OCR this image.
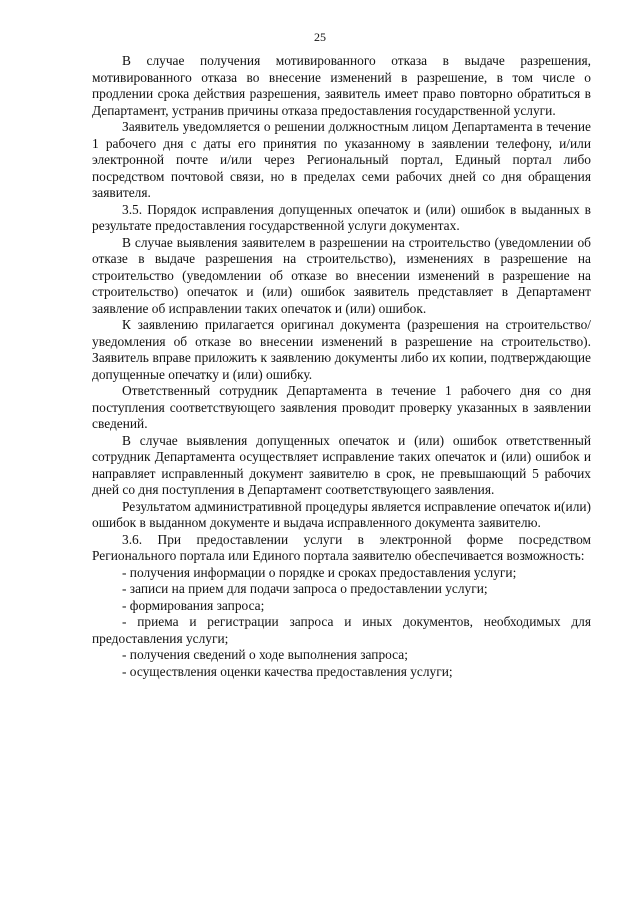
25

В случае получения мотивированного отказа в выдаче разрешения, мотивированного отказа во внесение изменений в разрешение, в том числе о продлении срока действия разрешения, заявитель имеет право повторно обратиться в Департамент, устранив причины отказа предоставления государственной услуги.

Заявитель уведомляется о решении должностным лицом Департамента в течение 1 рабочего дня с даты его принятия по указанному в заявлении телефону, и/или электронной почте и/или через Региональный портал, Единый портал либо посредством почтовой связи, но в пределах семи рабочих дней со дня обращения заявителя.

3.5. Порядок исправления допущенных опечаток и (или) ошибок в выданных в результате предоставления государственной услуги документах.

В случае выявления заявителем в разрешении на строительство (уведомлении об отказе в выдаче разрешения на строительство), изменениях в разрешение на строительство (уведомлении об отказе во внесении изменений в разрешение на строительство) опечаток и (или) ошибок заявитель представляет в Департамент заявление об исправлении таких опечаток и (или) ошибок.

К заявлению прилагается оригинал документа (разрешения на строительство/ уведомления об отказе во внесении изменений в разрешение на строительство). Заявитель вправе приложить к заявлению документы либо их копии, подтверждающие допущенные опечатку и (или) ошибку.

Ответственный сотрудник Департамента в течение 1 рабочего дня со дня поступления соответствующего заявления проводит проверку указанных в заявлении сведений.

В случае выявления допущенных опечаток и (или) ошибок ответственный сотрудник Департамента осуществляет исправление таких опечаток и (или) ошибок и направляет исправленный документ заявителю в срок, не превышающий 5 рабочих дней со дня поступления в Департамент соответствующего заявления.

Результатом административной процедуры является исправление опечаток и(или) ошибок в выданном документе и выдача исправленного документа заявителю.

3.6. При предоставлении услуги в электронной форме посредством Регионального портала или Единого портала заявителю обеспечивается возможность:

- получения информации о порядке и сроках предоставления услуги;

- записи на прием для подачи запроса о предоставлении услуги;

- формирования запроса;

- приема и регистрации запроса и иных документов, необходимых для предоставления услуги;

- получения сведений о ходе выполнения запроса;

- осуществления оценки качества предоставления услуги;
